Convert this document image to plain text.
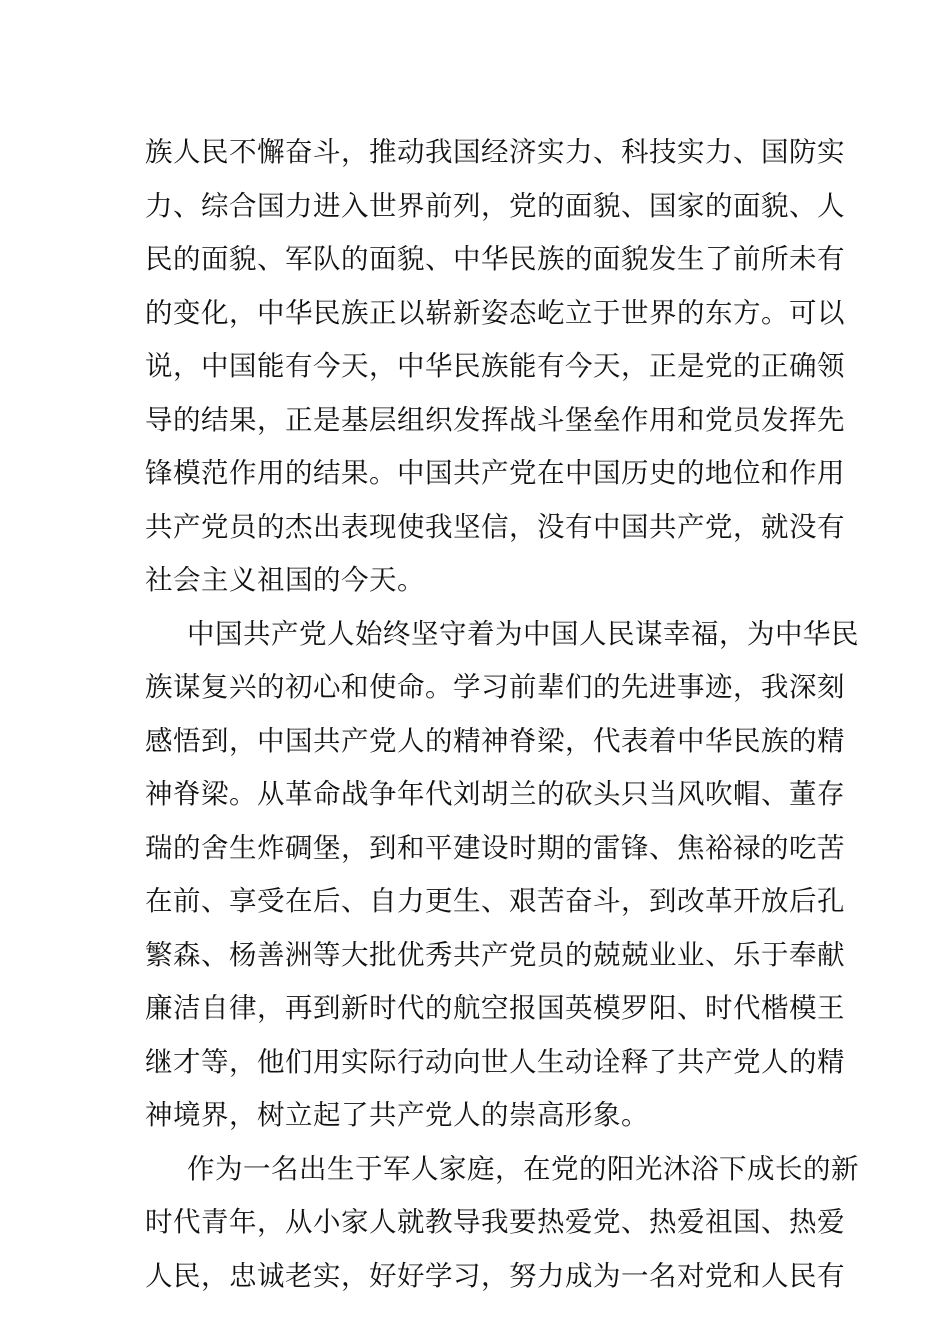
族人民不懈奋斗，推动我国经济实力、科技实力、国防实
力、综合国力进入世界前列，党的面貌、国家的面貌、人
民的面貌、军队的面貌、中华民族的面貌发生了前所未有
的变化，中华民族正以崭新姿态屹立于世界的东方。可以
说，中国能有今天，中华民族能有今天，正是党的正确领
导的结果，正是基层组织发挥战斗堡垒作用和党员发挥先
锋模范作用的结果。中国共产党在中国历史的地位和作用
共产党员的杰出表现使我坚信，没有中国共产党，就没有
社会主义祖国的今天。
中国共产党人始终坚守着为中国人民谋幸福，为中华民
族谋复兴的初心和使命。学习前辈们的先进事迹，我深刻
感悟到，中国共产党人的精神脊梁，代表着中华民族的精
神脊梁。从革命战争年代刘胡兰的砍头只当风吹帽、董存
瑞的舍生炸碉堡，到和平建设时期的雷锋、焦裕禄的吃苦
在前、享受在后、自力更生、艰苦奋斗，到改革开放后孔
繁森、杨善洲等大批优秀共产党员的兢兢业业、乐于奉献
廉洁自律，再到新时代的航空报国英模罗阳、时代楷模王
继才等，他们用实际行动向世人生动诠释了共产党人的精
神境界，树立起了共产党人的崇高形象。
作为一名出生于军人家庭，在党的阳光沐浴下成长的新
时代青年，从小家人就教导我要热爱党、热爱祖国、热爱
人民，忠诚老实，好好学习，努力成为一名对党和人民有
